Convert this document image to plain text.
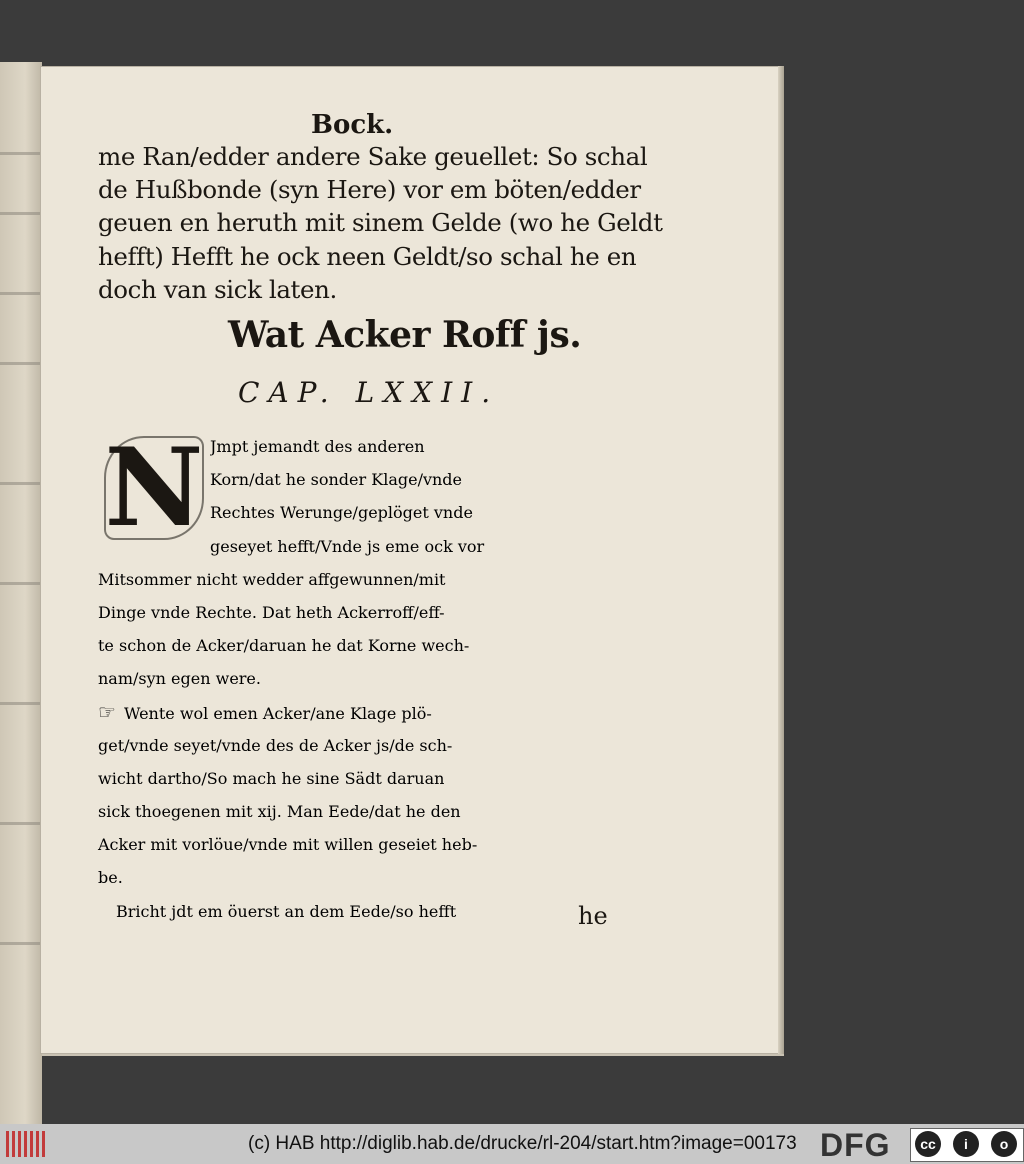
Bock.
me Ran/edder andere Sake geuellet: So schal
de Hußbonde (syn Here) vor em böten/edder
geuen en heruth mit sinem Gelde (wo he Geldt
hefft) Hefft he ock neen Geldt/so schal he en
doch van sick laten.
Wat Acker Roff js.
CAP. LXXII.
Jmpt jemandt des anderen
Korn/dat he sonder Klage/vnde
Rechtes Werunge/geplöget vnde
geseyet hefft/Vnde js eme ock vor
Mitsommer nicht wedder affgewunnen/mit
Dinge vnde Rechte. Dat heth Ackerroff/eff-
te schon de Acker/daruan he dat Korne wech-
nam/syn egen were.
☞ Wente wol emen Acker/ane Klage plö-
get/vnde seyet/vnde des de Acker js/de sch-
wicht dartho/So mach he sine Sädt daruan
sick thoegenen mit xij. Man Eede/dat he den
Acker mit vorlöue/vnde mit willen geseiet heb-
be.
Bricht jdt em öuerst an dem Eede/so hefft
N
he
(c) HAB http://diglib.hab.de/drucke/rl-204/start.htm?image=00173 DFG	cc	i	o
